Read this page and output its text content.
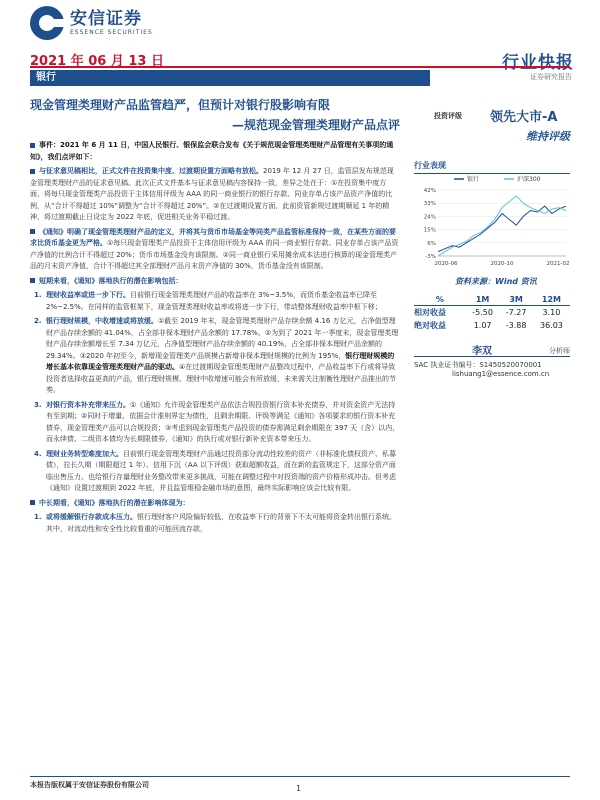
安信证券
ESSENCE SECURITIES
2021 年 06 月 13 日	行业快报
证券研究报告
银行
现金管理类理财产品监管趋严，但预计对银行股影响有限
—规范现金管理类理财产品点评
投资评级 领先大市-A
维持评级
行业表现
银行	沪深300
42%
33%
24%
15%
6%
-3%
2020-06	2020-10	2021-02
资料来源：Wind 资讯
%	1M	3M	12M
相对收益	-5.50	-7.27	3.10
绝对收益	1.07	-3.88	36.03
李双	分析师
SAC 执业证书编号：S1450520070001
lishuang1@essence.com.cn

事件：2021 年 6 月 11 日，中国人民银行、银保监会联合发布《关于规范现金管理类理财产品管理有关事项的通知》，我们点评如下：

与征求意见稿相比，正式文件在投资集中度、过渡期设置方面略有放松。2019 年 12 月 27 日，监管层发布规范现金管理类理财产品的征求意见稿。此次正式文件基本与征求意见稿内容保持一致，差异之处在于：①在投资集中度方面，将每只现金管理类产品投资于主体信用评级为 AAA 的同一商业银行的银行存款、同业存单占该产品资产净值的比例，从“合计不得超过 10%”调整为“合计不得超过 20%”。②在过渡期设置方面，此前资管新规过渡期顺延 1 年的精神，将过渡期截止日设定为 2022 年底，促进相关业务平稳过渡。

《通知》明确了现金管理类理财产品的定义，并将其与货币市场基金等同类产品监管标准保持一致，在某些方面的要求比货币基金更为严格。①每只现金管理类产品投资于主体信用评级为 AAA 的同一商业银行存款、同业存单占该产品资产净值的比例合计不得超过 20%；货币市场基金没有该限制。②同一商业银行采用摊余成本法进行核算的现金管理类产品的月末资产净值，合计不得超过其全部理财产品月末资产净值的 30%，货币基金没有该限制。

短期来看，《通知》落地执行的潜在影响包括：

1. 理财收益率或进一步下行。目前银行现金管理类理财产品的收益率在 3%~3.5%，而货币基金收益率已降至 2%~2.5%。在同样的监管框架下，现金管理类理财收益率或将进一步下行，带动整体理财收益率中枢下移；

2. 银行理财规模，中收增速或将放缓。①截至 2019 年末，现金管理类理财产品存续余额 4.16 万亿元，占净值型理财产品存续余额的 41.04%，占全部非保本理财产品余额的 17.78%。②为到了 2021 年一季度末，现金管理类理财产品存续余额增长至 7.34 万亿元，占净值型理财产品存续余额的 40.19%，占全部非保本理财产品余额的 29.34%。③2020 年初至今，新增现金管理类产品规模占新增非保本理财规模的比例为 195%，银行理财规模的增长基本依靠现金管理类理财产品的驱动。④在过渡期现金管理类理财产品整改过程中，产品收益率下行或将导致投资者选择收益更高的产品，银行理财规模、理财中收增速可能会有所放缓，未来需关注制衡性理财产品推出的节奏。

3. 对银行资本补充带来压力。①《通知》允许现金管理类产品依法合规投资银行资本补充债券，并对资金资产无法持有至到期；②同时于增量、依据会计准则界定为债性，且剩余期限、评级等满足《通知》各项要求的银行资本补充债券，现金管理类产品可以合规投资；③考虑到现金管理类产品投资的债券需满足剩余期限在 397 天（含）以内，而永续债、二级资本债均为长期限债券，《通知》的执行或对银行新补充资本带来压力。

4. 理财业务转型难度加大。目前银行现金管理类理财产品通过投资部分流动性较差的资产（非标准化债权资产、私募债），拉长久期（期限超过 1 年）、信用下沉（AA 以下评级）获取超额收益，而在新的监管规定下，这部分资产面临出售压力。也给银行存量理财业务整改带来更多挑战，可能在调整过程中对投资端的资产价格形成冲击。但考虑《通知》设置过渡期到 2022 年底，并且监管维稳金融市场的意图，最终实际影响应该会比较有限。

中长期看，《通知》落地执行的潜在影响体现为：

1. 或将缓解银行存款成本压力。银行理财客户风险偏好较低，在收益率下行的背景下不太可能将资金转出银行系统。其中，对流动性和安全性比较看重的可能回流存款，

本报告版权属于安信证券股份有限公司	1
